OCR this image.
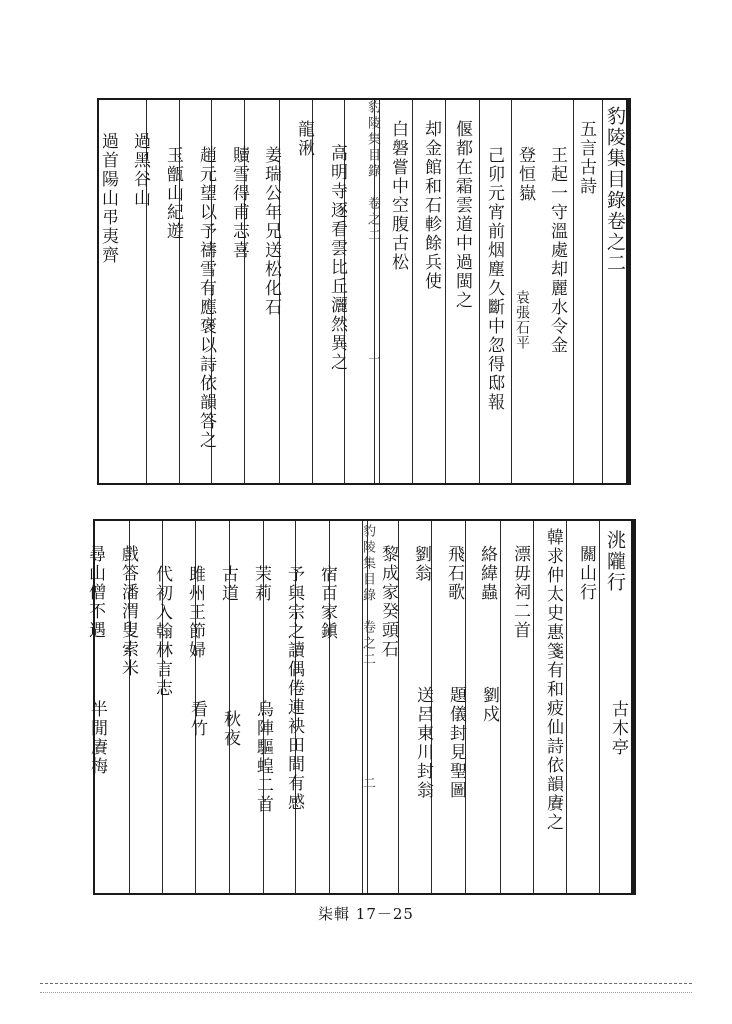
豹陵集目錄卷之二
五言古詩
王起一守溫處却麗水令金
袁張石平
登恒嶽
己卯元宵前烟塵久斷中忽得邸報
偃都在霜雲道中過閩之
却金館和石軫餘兵使
白磐嘗中空腹古松
豹陵集目錄　卷之二
一
高明寺逐看雲比丘灑然異之
龍湫
姜瑞公年兄送松化石
贖雪得甫志喜
趙元望以予禱雪有應褒以詩依韻答之
玉甑山紀遊
過黑谷山
過首陽山弔夷齊
洮隴行
古木亭
關山行
韓求仲太史惠箋有和疲仙詩依韻賡之
漂毋祠二首
絡緯蟲
劉戍
飛石歌
題儀封見聖圖
劉翁
送呂東川封翁
黎成家癸頭石
豹陵集目錄　卷之二
二
宿百家鎭
予與宗之讀偶倦連袂田間有感
茉莉
烏陣驅蝗二首
古道
秋夜
雎州王節婦
看竹
代初入翰林言志
戲答潘渭叟索米
尋山僧不遇
半閒賡梅
柒輯 17－25
